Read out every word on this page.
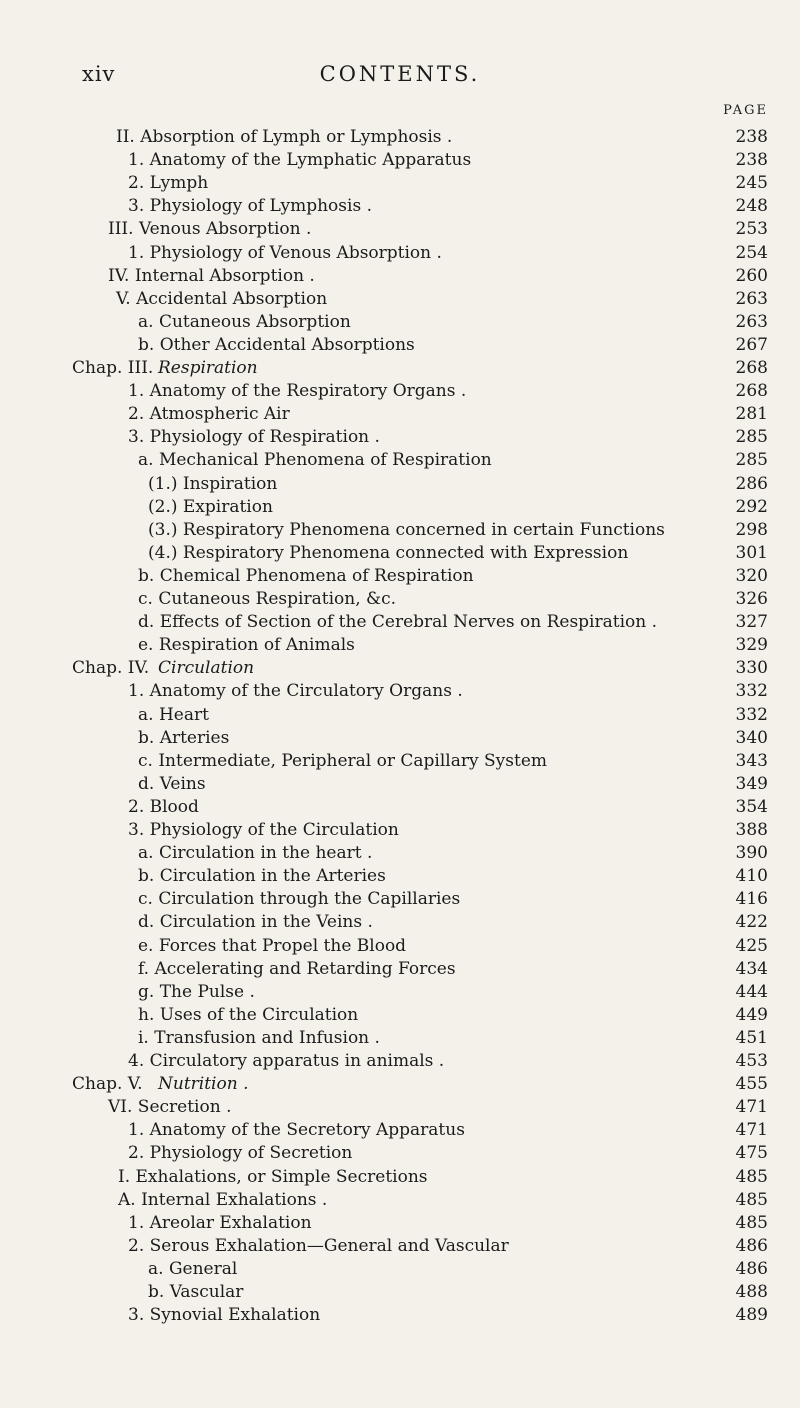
xiv	CONTENTS.
PAGE
II. Absorption of Lymph or Lymphosis .	238
1. Anatomy of the Lymphatic Apparatus	238
2. Lymph	245
3. Physiology of Lymphosis .	248
III. Venous Absorption .	253
1. Physiology of Venous Absorption .	254
IV. Internal Absorption .	260
V. Accidental Absorption	263
a. Cutaneous Absorption	263
b. Other Accidental Absorptions	267
Chap. III. Respiration	268
1. Anatomy of the Respiratory Organs .	268
2. Atmospheric Air	281
3. Physiology of Respiration .	285
a. Mechanical Phenomena of Respiration	285
(1.) Inspiration	286
(2.) Expiration	292
(3.) Respiratory Phenomena concerned in certain Functions	298
(4.) Respiratory Phenomena connected with Expression	301
b. Chemical Phenomena of Respiration	320
c. Cutaneous Respiration, &c.	326
d. Effects of Section of the Cerebral Nerves on Respiration .	327
e. Respiration of Animals	329
Chap. IV. Circulation	330
1. Anatomy of the Circulatory Organs .	332
a. Heart	332
b. Arteries	340
c. Intermediate, Peripheral or Capillary System	343
d. Veins	349
2. Blood	354
3. Physiology of the Circulation	388
a. Circulation in the heart .	390
b. Circulation in the Arteries	410
c. Circulation through the Capillaries	416
d. Circulation in the Veins .	422
e. Forces that Propel the Blood	425
f. Accelerating and Retarding Forces	434
g. The Pulse .	444
h. Uses of the Circulation	449
i. Transfusion and Infusion .	451
4. Circulatory apparatus in animals .	453
Chap. V. Nutrition .	455
VI. Secretion .	471
1. Anatomy of the Secretory Apparatus	471
2. Physiology of Secretion	475
I. Exhalations, or Simple Secretions	485
A. Internal Exhalations .	485
1. Areolar Exhalation	485
2. Serous Exhalation—General and Vascular	486
a. General	486
b. Vascular	488
3. Synovial Exhalation	489
